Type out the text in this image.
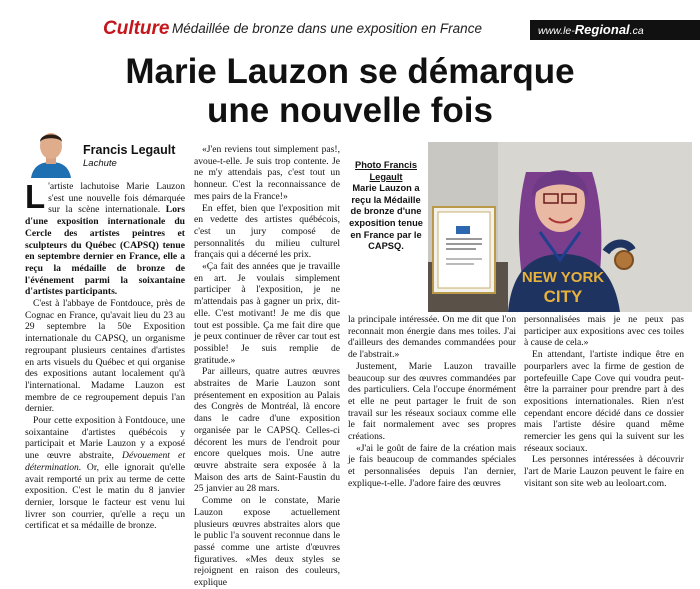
Culture Médaillée de bronze dans une exposition en France	www.le-Regional.ca
Marie Lauzon se démarque
une nouvelle fois
Francis Legault
Lachute

L 'artiste lachutoise Marie Lauzon s'est une nouvelle fois démarquée sur la scène internationale. Lors d'une exposition internationale du Cercle des artistes peintres et sculpteurs du Québec (CAPSQ) tenue en septembre dernier en France, elle a reçu la médaille de bronze de l'événement parmi la soixantaine d'artistes participants.

C'est à l'abbaye de Fontdouce, près de Cognac en France, qu'avait lieu du 23 au 29 septembre la 50e Exposition internationale du CAPSQ, un organisme regroupant plusieurs centaines d'artistes en arts visuels du Québec et qui organise des expositions autant localement qu'à l'international. Madame Lauzon est membre de ce regroupement depuis l'an dernier.

Pour cette exposition à Fontdouce, une soixantaine d'artistes québécois y participait et Marie Lauzon y a exposé une œuvre abstraite, Dévouement et détermination. Or, elle ignorait qu'elle avait remporté un prix au terme de cette exposition. C'est le matin du 8 janvier dernier, lorsque le facteur est venu lui livrer son courrier, qu'elle a reçu un certificat et sa médaille de bronze.

«J'en reviens tout simplement pas!, avoue-t-elle. Je suis trop contente. Je ne m'y attendais pas, c'est tout un honneur. C'est la reconnaissance de mes pairs de la France!»

En effet, bien que l'exposition mit en vedette des artistes québécois, c'est un jury composé de personnalités du milieu culturel français qui a décerné les prix.

«Ça fait des années que je travaille en art. Je voulais simplement participer à l'exposition, je ne m'attendais pas à gagner un prix, dit-elle. C'est motivant! Je me dis que tout est possible. Ça me fait dire que je peux continuer de rêver car tout est possible! Je suis remplie de gratitude.»

Par ailleurs, quatre autres œuvres abstraites de Marie Lauzon sont présentement en exposition au Palais des Congrès de Montréal, là encore dans le cadre d'une exposition organisée par le CAPSQ. Celles-ci décorent les murs de l'endroit pour encore quelques mois. Une autre œuvre abstraite sera exposée à la Maison des arts de Saint-Faustin du 25 janvier au 28 mars.

Comme on le constate, Marie Lauzon expose actuellement plusieurs œuvres abstraites alors que le public l'a souvent reconnue dans le passé comme une artiste d'œuvres figuratives. «Mes deux styles se rejoignent en raison des couleurs, explique

Photo Francis Legault
Marie Lauzon a reçu la Médaille de bronze d'une exposition tenue en France par le CAPSQ.
NEW YORK
CITY

la principale intéressée. On me dit que l'on reconnait mon énergie dans mes toiles. J'ai d'ailleurs des demandes commandées pour de l'abstrait.»

Justement, Marie Lauzon travaille beaucoup sur des œuvres commandées par des particuliers. Cela l'occupe énormément et elle ne peut partager le fruit de son travail sur les réseaux sociaux comme elle le fait normalement avec ses propres créations.

«J'ai le goût de faire de la création mais je fais beaucoup de commandes spéciales et personnalisées depuis l'an dernier, explique-t-elle. J'adore faire des œuvres

personnalisées mais je ne peux pas participer aux expositions avec ces toiles à cause de cela.»

En attendant, l'artiste indique être en pourparlers avec la firme de gestion de portefeuille Cape Cove qui voudra peut-être la parrainer pour prendre part à des expositions internationales. Rien n'est cependant encore décidé dans ce dossier mais l'artiste désire quand même remercier les gens qui la suivent sur les réseaux sociaux.

Les personnes intéressées à découvrir l'art de Marie Lauzon peuvent le faire en visitant son site web au leoloart.com.
